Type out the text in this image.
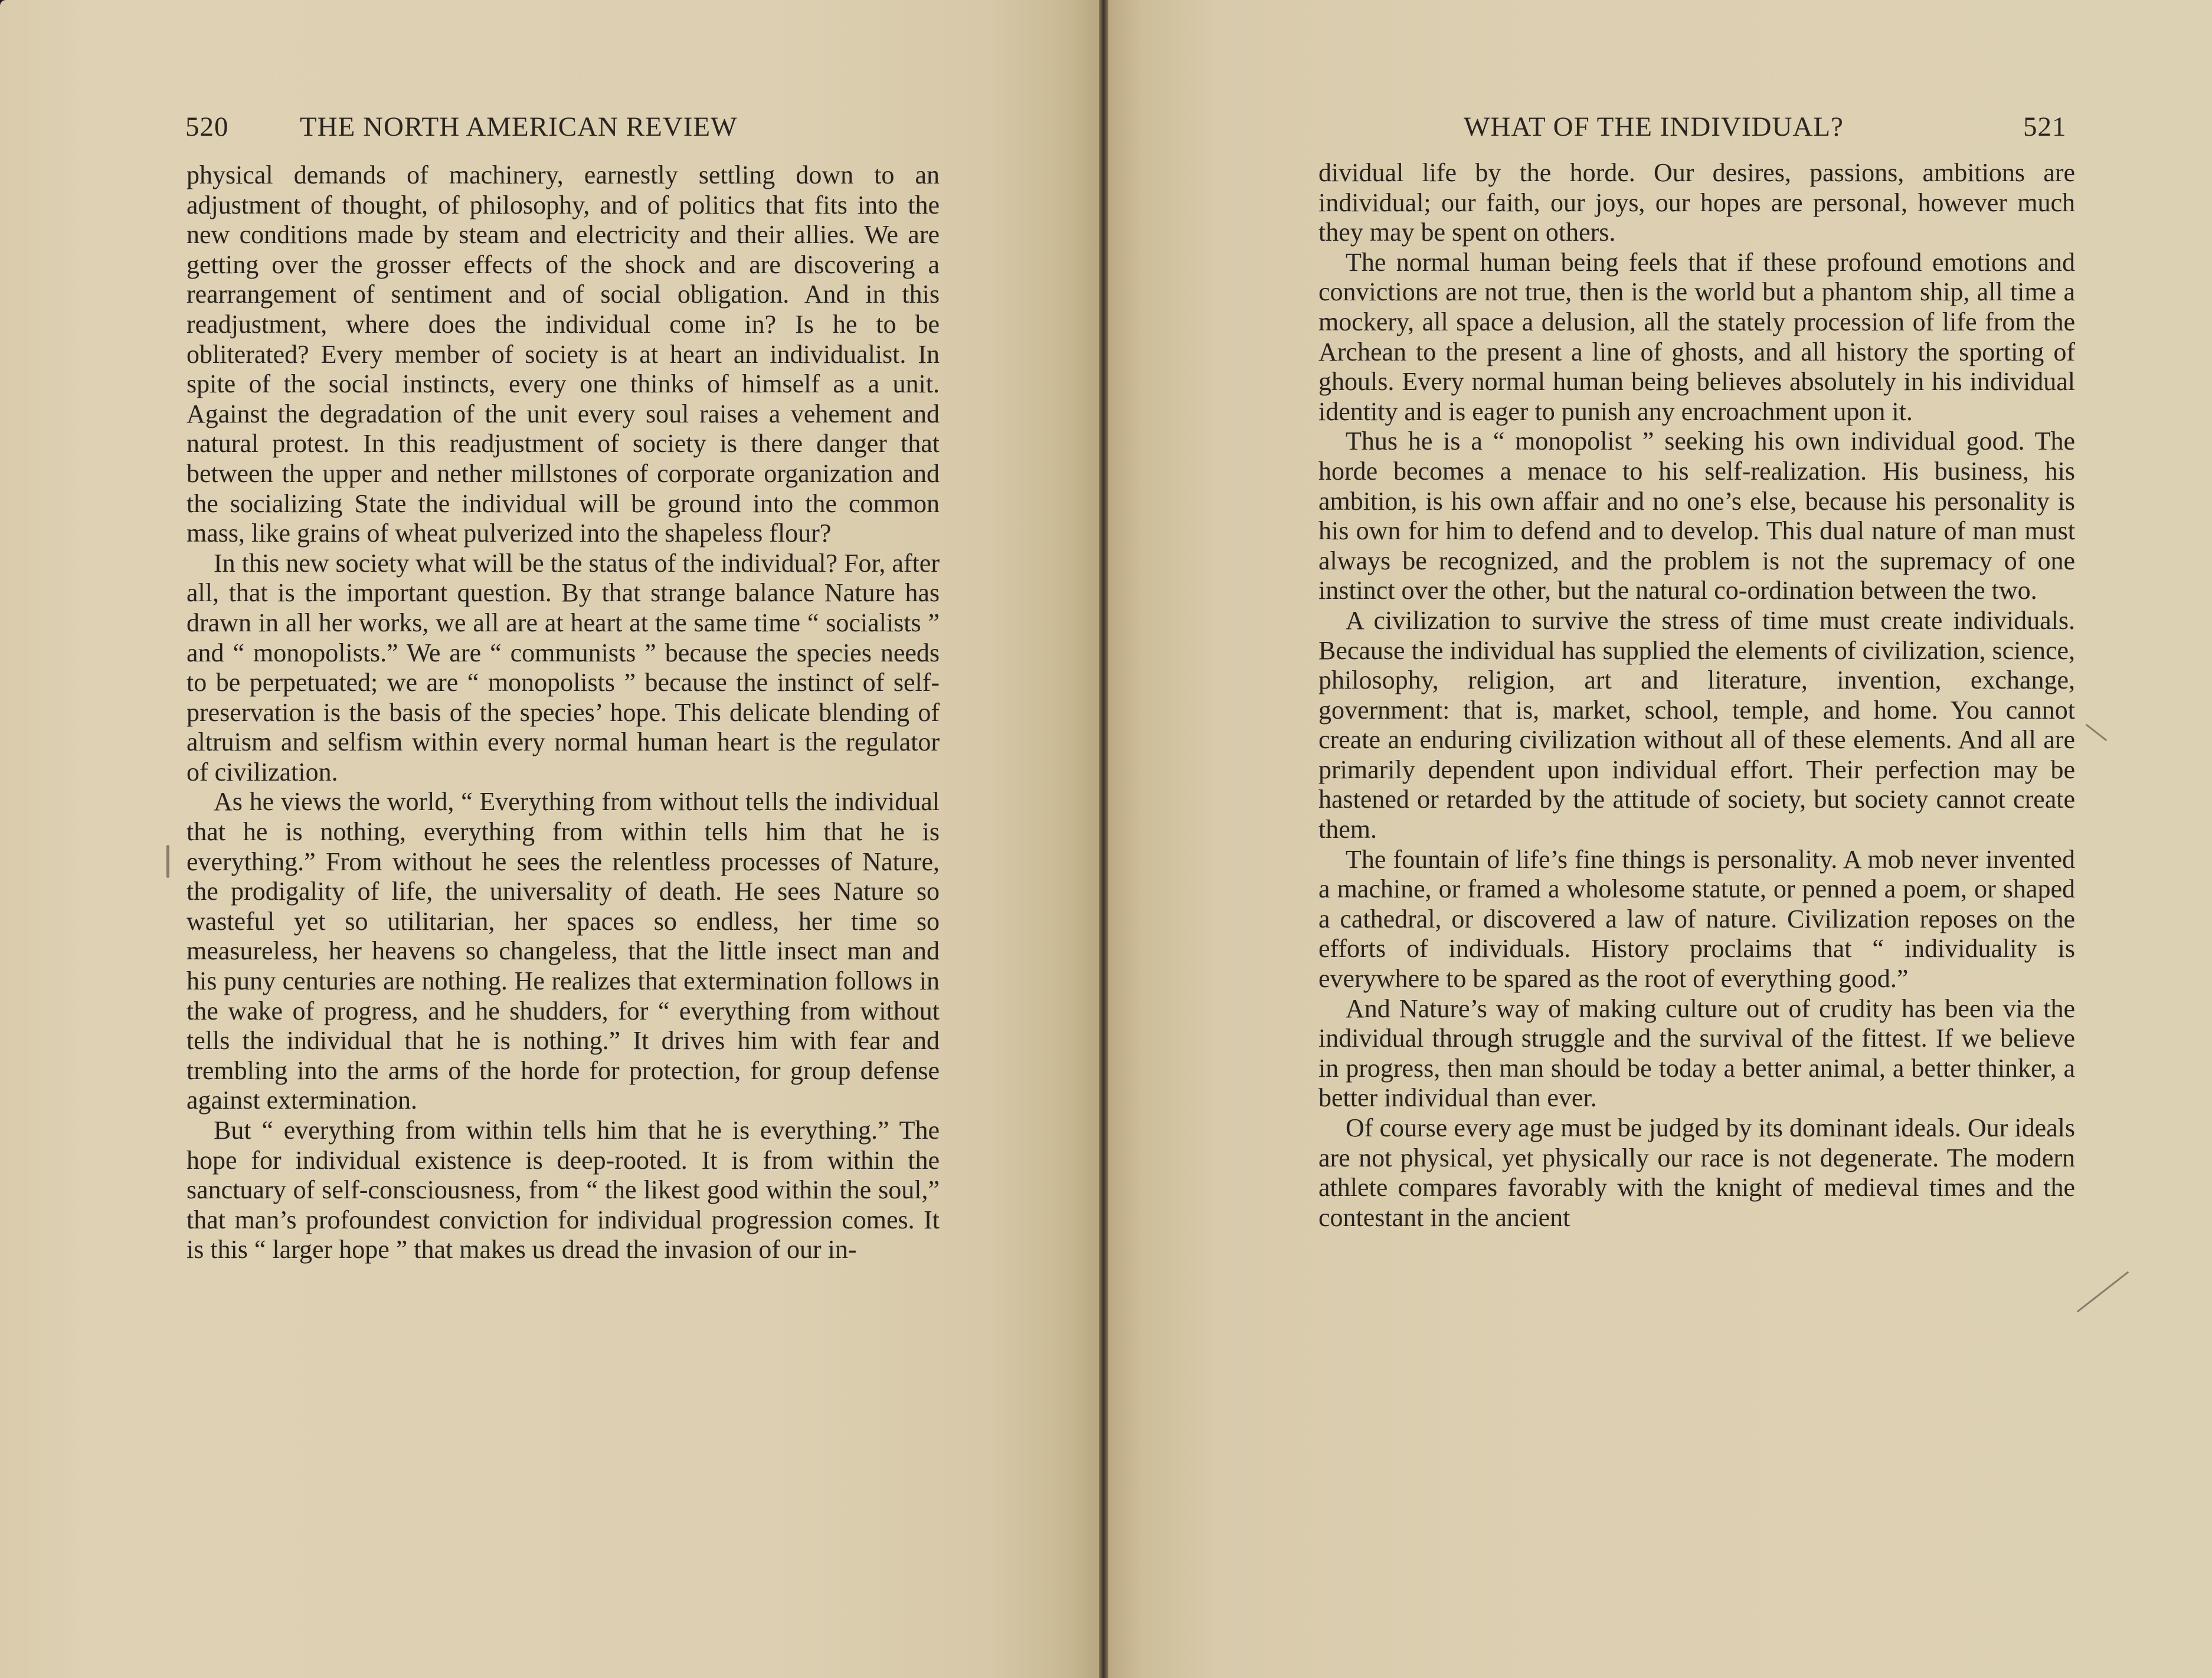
520	THE NORTH AMERICAN REVIEW

physical demands of machinery, earnestly settling down to an adjustment of thought, of philosophy, and of politics that fits into the new conditions made by steam and electricity and their allies. We are getting over the grosser effects of the shock and are discovering a rearrangement of sentiment and of social obligation. And in this readjustment, where does the individual come in? Is he to be obliterated? Every member of society is at heart an individualist. In spite of the social instincts, every one thinks of himself as a unit. Against the degradation of the unit every soul raises a vehement and natural protest. In this readjustment of society is there danger that between the upper and nether millstones of corporate organization and the socializing State the individual will be ground into the common mass, like grains of wheat pulverized into the shapeless flour?

In this new society what will be the status of the individual? For, after all, that is the important question. By that strange balance Nature has drawn in all her works, we all are at heart at the same time “ socialists ” and “ monopolists.” We are “ communists ” because the species needs to be perpetuated; we are “ monopolists ” because the instinct of self-preservation is the basis of the species’ hope. This delicate blending of altruism and selfism within every normal human heart is the regulator of civilization.

As he views the world, “ Everything from without tells the individual that he is nothing, everything from within tells him that he is everything.” From without he sees the relentless processes of Nature, the prodigality of life, the universality of death. He sees Nature so wasteful yet so utilitarian, her spaces so endless, her time so measureless, her heavens so changeless, that the little insect man and his puny centuries are nothing. He realizes that extermination follows in the wake of progress, and he shudders, for “ everything from without tells the individual that he is nothing.” It drives him with fear and trembling into the arms of the horde for protection, for group defense against extermination.

But “ everything from within tells him that he is everything.” The hope for individual existence is deep-rooted. It is from within the sanctuary of self-consciousness, from “ the likest good within the soul,” that man’s profoundest conviction for individual progression comes. It is this “ larger hope ” that makes us dread the invasion of our in-

WHAT OF THE INDIVIDUAL?	521

dividual life by the horde. Our desires, passions, ambitions are individual; our faith, our joys, our hopes are personal, however much they may be spent on others.

The normal human being feels that if these profound emotions and convictions are not true, then is the world but a phantom ship, all time a mockery, all space a delusion, all the stately procession of life from the Archean to the present a line of ghosts, and all history the sporting of ghouls. Every normal human being believes absolutely in his individual identity and is eager to punish any encroachment upon it.

Thus he is a “ monopolist ” seeking his own individual good. The horde becomes a menace to his self-realization. His business, his ambition, is his own affair and no one’s else, because his personality is his own for him to defend and to develop. This dual nature of man must always be recognized, and the problem is not the supremacy of one instinct over the other, but the natural co-ordination between the two.

A civilization to survive the stress of time must create individuals. Because the individual has supplied the elements of civilization, science, philosophy, religion, art and literature, invention, exchange, government: that is, market, school, temple, and home. You cannot create an enduring civilization without all of these elements. And all are primarily dependent upon individual effort. Their perfection may be hastened or retarded by the attitude of society, but society cannot create them.

The fountain of life’s fine things is personality. A mob never invented a machine, or framed a wholesome statute, or penned a poem, or shaped a cathedral, or discovered a law of nature. Civilization reposes on the efforts of individuals. History proclaims that “ individuality is everywhere to be spared as the root of everything good.”

And Nature’s way of making culture out of crudity has been via the individual through struggle and the survival of the fittest. If we believe in progress, then man should be today a better animal, a better thinker, a better individual than ever.

Of course every age must be judged by its dominant ideals. Our ideals are not physical, yet physically our race is not degenerate. The modern athlete compares favorably with the knight of medieval times and the contestant in the ancient
